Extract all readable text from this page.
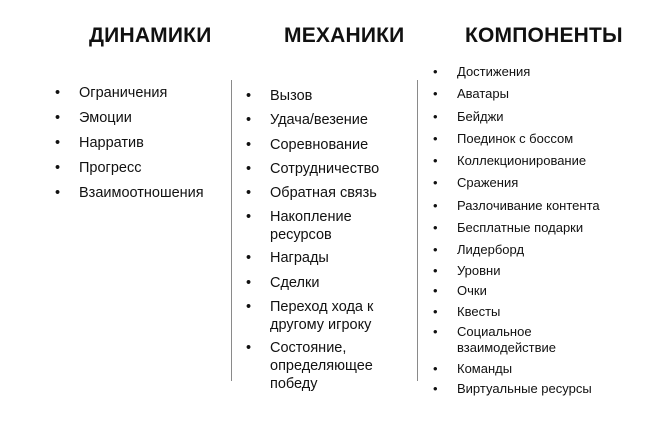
ДИНАМИКИ	МЕХАНИКИ	КОМПОНЕНТЫ
• Ограничения
• Эмоции
• Нарратив
• Прогресс
• Взаимоотношения
• Вызов
• Удача/везение
• Соревнование
• Сотрудничество
• Обратная связь
• Накопление ресурсов
• Награды
• Сделки
• Переход хода к другому игроку
• Состояние, определяющее победу
• Достижения
• Аватары
• Бейджи
• Поединок с боссом
• Коллекционирование
• Сражения
• Разлочивание контента
• Бесплатные подарки
• Лидерборд
• Уровни
• Очки
• Квесты
• Социальное взаимодействие
• Команды
• Виртуальные ресурсы
